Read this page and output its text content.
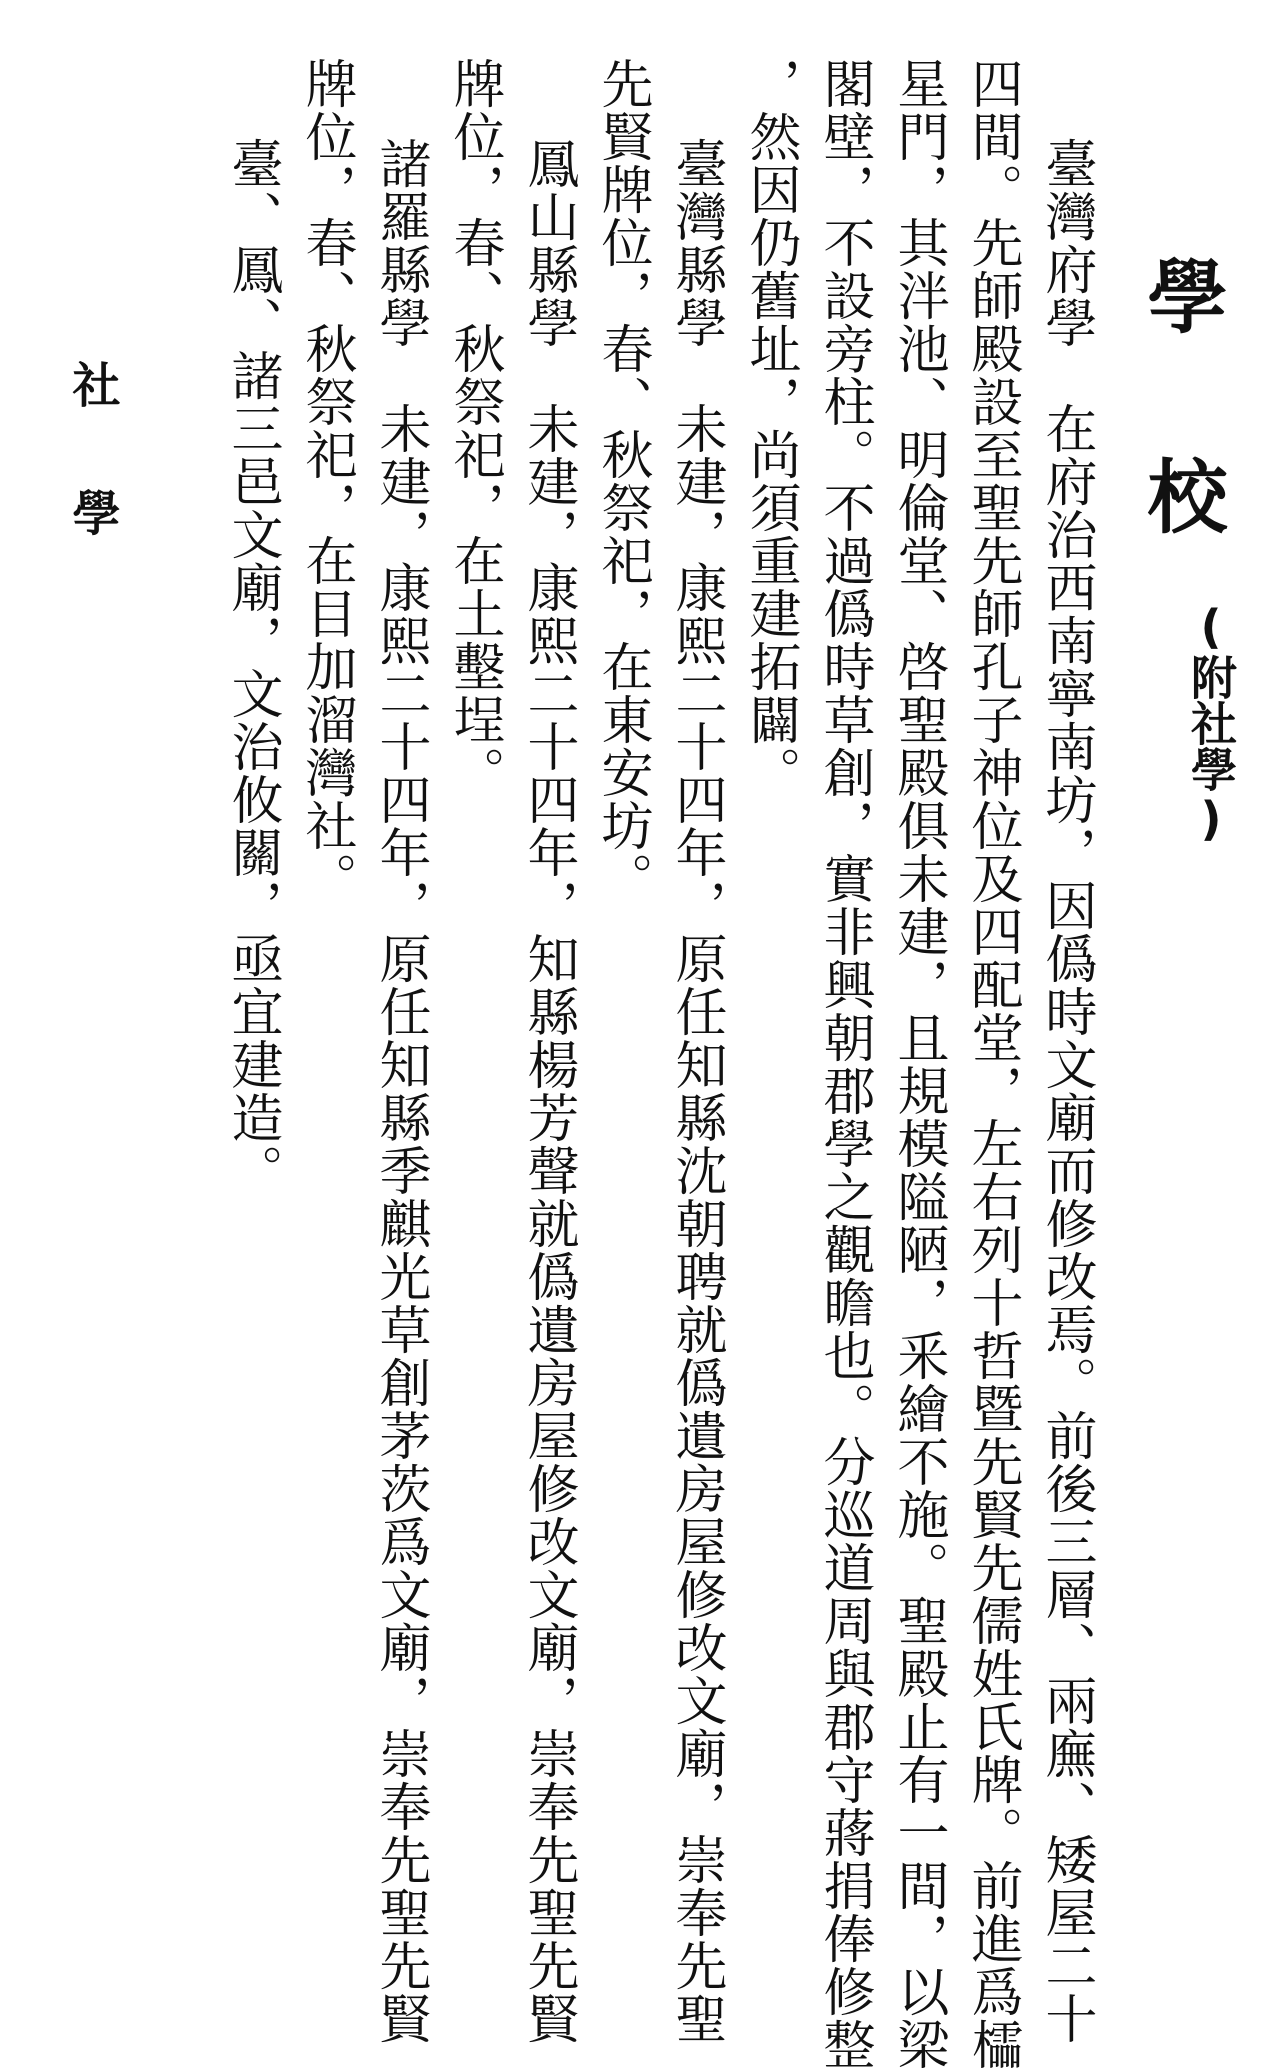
學校
(附社學)
臺灣府學　在府治西南寧南坊，因僞時文廟而修改焉。前後三層、兩廡、矮屋二十
四間。先師殿設至聖先師孔子神位及四配堂，左右列十哲暨先賢先儒姓氏牌。前進爲櫺
星門，其泮池、明倫堂、啓聖殿俱未建，且規模隘陋，釆繪不施。聖殿止有一間，以梁
閣壁，不設旁柱。不過僞時草創，實非興朝郡學之觀瞻也。分巡道周與郡守蔣捐俸修整
，然因仍舊址，尚須重建拓闢。
臺灣縣學　未建，康熙二十四年，原任知縣沈朝聘就僞遺房屋修改文廟，崇奉先聖
先賢牌位，春、秋祭祀，在東安坊。
鳳山縣學　未建，康熙二十四年，知縣楊芳聲就僞遺房屋修改文廟，崇奉先聖先賢
牌位，春、秋祭祀，在土墼埕。
諸羅縣學　未建，康熙二十四年，原任知縣季麒光草創茅茨爲文廟，崇奉先聖先賢
牌位，春、秋祭祀，在目加溜灣社。
臺、鳳、諸三邑文廟，文治攸關，亟宜建造。
社學
